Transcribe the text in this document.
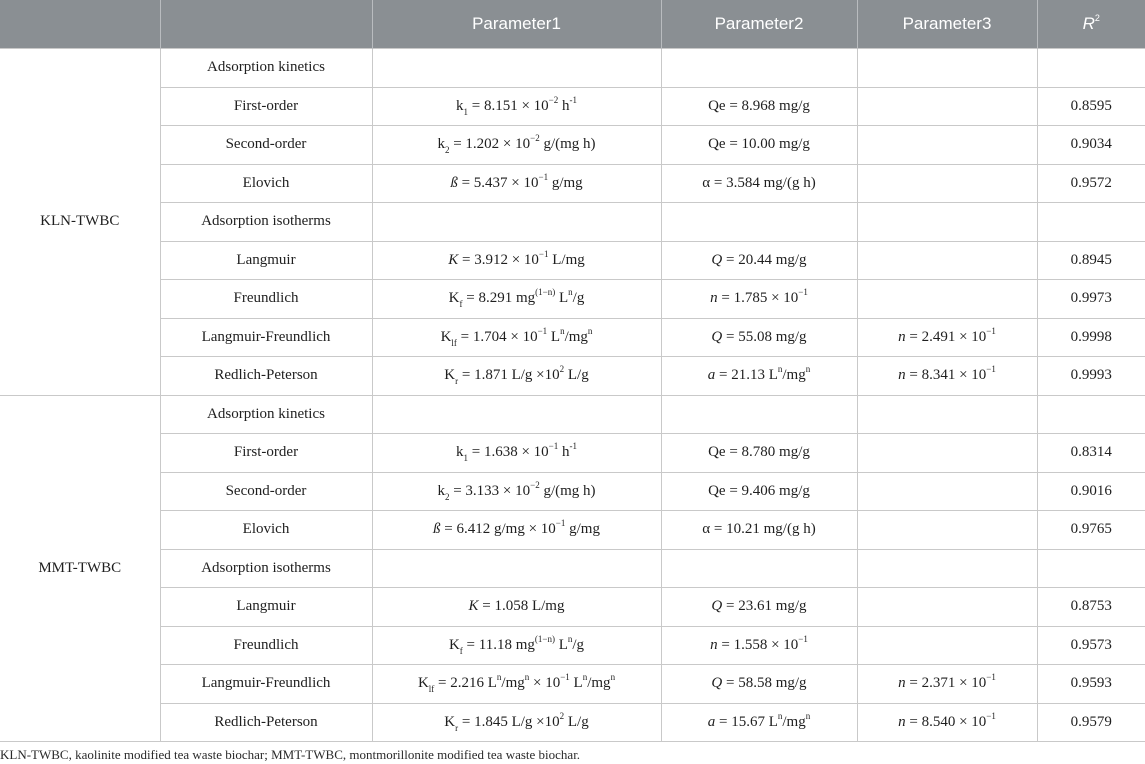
		Parameter1	Parameter2	Parameter3	$R^2$
KLN-TWBC	Adsorption kinetics				
	First-order	$k_1 = 8.151 \times 10^{-2}$ $h^{-1}$	Qe = 8.968 mg/g		0.8595
	Second-order	$k_2 = 1.202 \times 10^{-2}$ g/(mg h)	Qe = 10.00 mg/g		0.9034
	Elovich	ß = $5.437 \times 10^{-1}$ g/mg	α = 3.584 mg/(g h)		0.9572
	Adsorption isotherms				
	Langmuir	$K = 3.912 \times 10^{-1}$ L/mg	Q = 20.44 mg/g		0.8945
	Freundlich	$K_f = 8.291$ $mg^{(1-n)}$ $L^n/g$	$n = 1.785 \times 10^{-1}$		0.9973
	Langmuir-Freundlich	$K_{lf} = 1.704 \times 10^{-1}$ $L^n/mg^n$	Q = 55.08 mg/g	$n = 2.491 \times 10^{-1}$	0.9998
	Redlich-Peterson	$K_r = 1.871$ $L/g \times 10^2$ L/g	a = 21.13 $L^n/mg^n$	$n = 8.341 \times 10^{-1}$	0.9993
MMT-TWBC	Adsorption kinetics				
	First-order	$k_1 = 1.638 \times 10^{-1}$ $h^{-1}$	Qe = 8.780 mg/g		0.8314
	Second-order	$k_2 = 3.133 \times 10^{-2}$ g/(mg h)	Qe = 9.406 mg/g		0.9016
	Elovich	ß = 6.412 $g/mg \times 10^{-1}$ g/mg	α = 10.21 mg/(g h)		0.9765
	Adsorption isotherms				
	Langmuir	K = 1.058 L/mg	Q = 23.61 mg/g		0.8753
	Freundlich	$K_f = 11.18$ $mg^{(1-n)}$ $L^n/g$	$n = 1.558 \times 10^{-1}$		0.9573
	Langmuir-Freundlich	$K_{lf} = 2.216$ $L^n/mg^n \times 10^{-1}$ $L^n/mg^n$	Q = 58.58 mg/g	$n = 2.371 \times 10^{-1}$	0.9593
	Redlich-Peterson	$K_r = 1.845$ $L/g \times 10^2$ L/g	a = 15.67 $L^n/mg^n$	$n = 8.540 \times 10^{-1}$	0.9579
KLN-TWBC, kaolinite modified tea waste biochar; MMT-TWBC, montmorillonite modified tea waste biochar.
